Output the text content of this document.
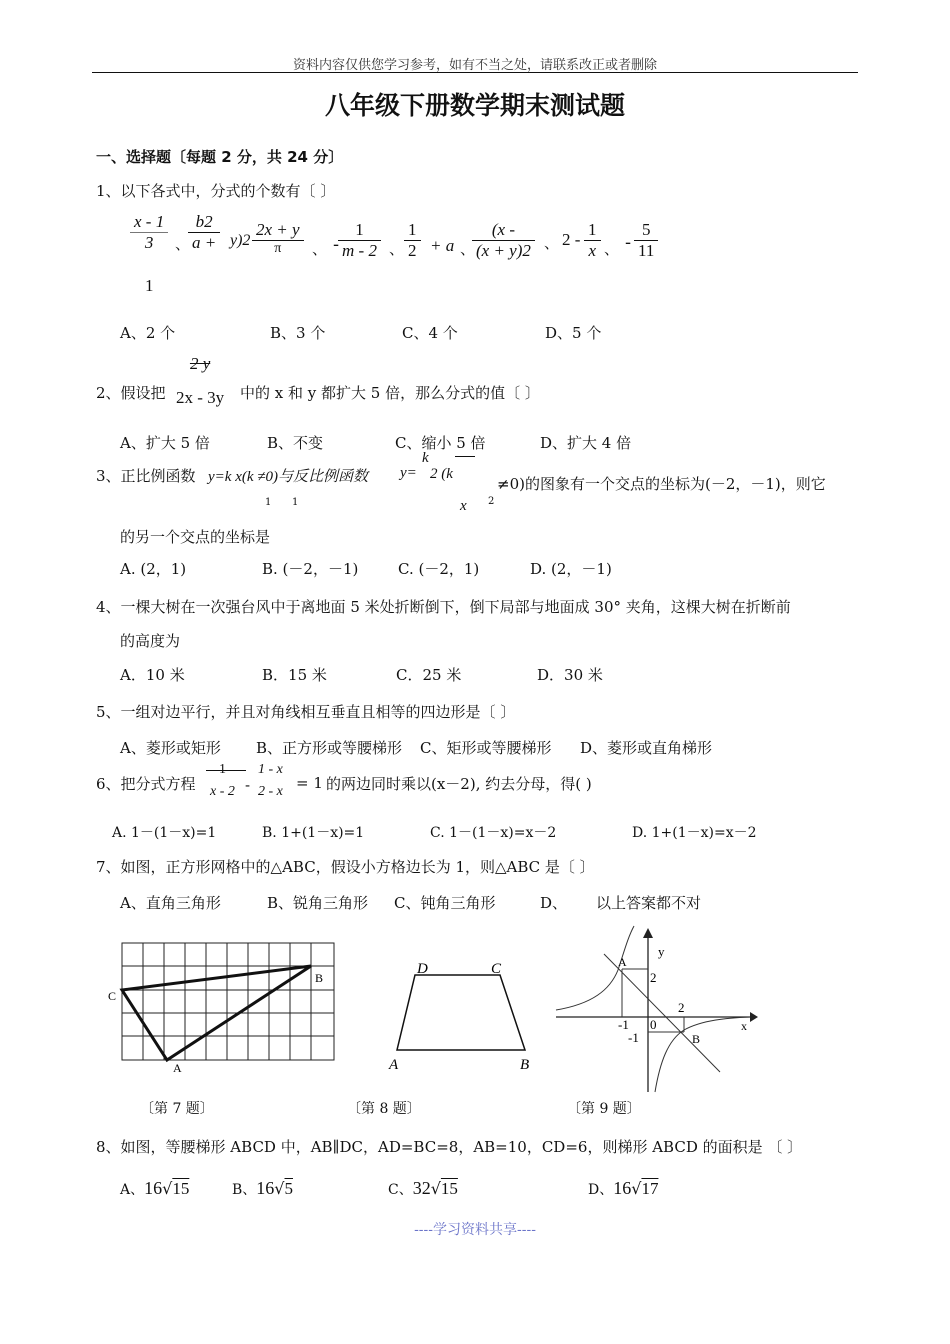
资料内容仅供您学习参考，如有不当之处，请联系改正或者删除
八年级下册数学期末测试题
一、选择题〔每题 2 分，共 24 分〕
1、以下各式中，分式的个数有〔 〕
$\frac{x - 1}{3}$ 、
$\frac{b2}{a +} y)2$
2x + y
π	、 -
$\frac{1}{m - 2}$ 、 $\frac{1}{2} + a$ 、
$\frac{(x -}{(x + y)2}$ 、 $2 - \frac{1}{x}$ 、 - $\frac{5}{11}$
1
A、2 个	B、3 个	C、4 个	D、5 个
2、假设把
2 y
2x - 3y 中的 x 和 y 都扩大 5 倍，那么分式的值〔 〕
A、扩大 5 倍	B、不变	C、缩小 5 倍	D、扩大 4 倍
3、正比例函数 y=k x(k ≠0)与反比例函数 y=
k
2 (k
x
1 1	2
≠0)的图象有一个交点的坐标为(－2，－1)，则它
的另一个交点的坐标是
A. (2，1)	B. (－2，－1)	C. (－2，1)	D. (2，－1)
4、一棵大树在一次强台风中于离地面 5 米处折断倒下，倒下局部与地面成 30° 夹角，这棵大树在折断前
的高度为
A．10 米	B．15 米	C．25 米	D．30 米
5、一组对边平行，并且对角线相互垂直且相等的四边形是〔 〕
A、菱形或矩形 B、正方形或等腰梯形 C、矩形或等腰梯形 D、菱形或直角梯形
6、把分式方程
1
x - 2 -
1 - x
2 - x = 1 的两边同时乘以(x－2), 约去分母，得( )
A. 1－(1－x)=1	B. 1+(1－x)=1	C. 1－(1－x)=x－2	D. 1+(1－x)=x－2
7、如图，正方形网格中的△ABC，假设小方格边长为 1，则△ABC 是〔 〕
A、直角三角形	B、锐角三角形 C、钝角三角形	D、 以上答案都不对
C
B
A
〔第 7 题〕
D	C
A	B
〔第 8 题〕
y
x
0
A
B
2
-1
2
-1
〔第 9 题〕
8、如图，等腰梯形 ABCD 中，AB∥DC，AD=BC=8，AB=10，CD=6，则梯形 ABCD 的面积是 〔 〕
A、16√15	B、16√5	C、32√15	D、16√17
----学习资料共享----
